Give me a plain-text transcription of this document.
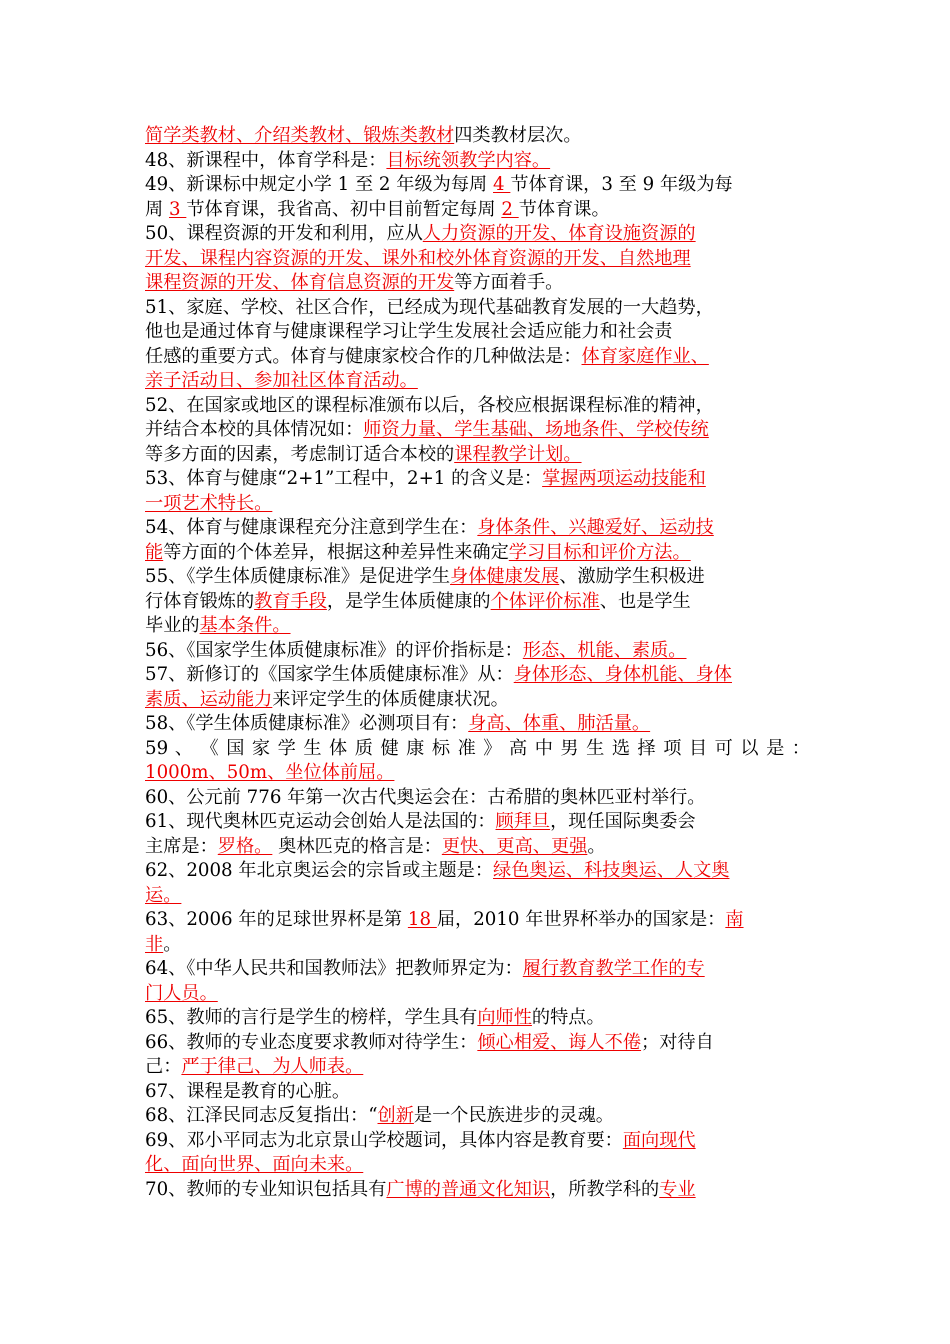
简学类教材、介绍类教材、锻炼类教材四类教材层次。
48、新课程中，体育学科是：目标统领教学内容。
49、新课标中规定小学 1 至 2 年级为每周 4 节体育课，3 至 9 年级为每
周 3 节体育课，我省高、初中目前暂定每周 2 节体育课。
50、课程资源的开发和利用，应从人力资源的开发、体育设施资源的
开发、课程内容资源的开发、课外和校外体育资源的开发、自然地理
课程资源的开发、体育信息资源的开发等方面着手。
51、家庭、学校、社区合作，已经成为现代基础教育发展的一大趋势，
他也是通过体育与健康课程学习让学生发展社会适应能力和社会责
任感的重要方式。体育与健康家校合作的几种做法是：体育家庭作业、
亲子活动日、参加社区体育活动。
52、在国家或地区的课程标准颁布以后，各校应根据课程标准的精神，
并结合本校的具体情况如：师资力量、学生基础、场地条件、学校传统
等多方面的因素，考虑制订适合本校的课程教学计划。
53、体育与健康“2+1”工程中，2+1 的含义是：掌握两项运动技能和
一项艺术特长。
54、体育与健康课程充分注意到学生在：身体条件、兴趣爱好、运动技
能等方面的个体差异，根据这种差异性来确定学习目标和评价方法。
55、《学生体质健康标准》是促进学生身体健康发展、激励学生积极进
行体育锻炼的教育手段，是学生体质健康的个体评价标准、也是学生
毕业的基本条件。
56、《国家学生体质健康标准》的评价指标是：形态、机能、素质。
57、新修订的《国家学生体质健康标准》从：身体形态、身体机能、身体
素质、运动能力来评定学生的体质健康状况。
58、《学生体质健康标准》必测项目有：身高、体重、肺活量。
59 、 《 国 家 学 生 体 质 健 康 标 准 》 高 中 男 生 选 择 项 目 可 以 是 ：
1000m、50m、坐位体前屈。
60、公元前 776 年第一次古代奥运会在：古希腊的奥林匹亚村举行。
61、现代奥林匹克运动会创始人是法国的：顾拜旦，现任国际奥委会
主席是：罗格。 奥林匹克的格言是：更快、更高、更强。
62、2008 年北京奥运会的宗旨或主题是：绿色奥运、科技奥运、人文奥
运。
63、2006 年的足球世界杯是第 18 届，2010 年世界杯举办的国家是：南
非。
64、《中华人民共和国教师法》把教师界定为：履行教育教学工作的专
门人员。
65、教师的言行是学生的榜样，学生具有向师性的特点。
66、教师的专业态度要求教师对待学生：倾心相爱、诲人不倦；对待自
己：严于律己、为人师表。
67、课程是教育的心脏。
68、江泽民同志反复指出：“创新是一个民族进步的灵魂。
69、邓小平同志为北京景山学校题词，具体内容是教育要：面向现代
化、面向世界、面向未来。
70、教师的专业知识包括具有广博的普通文化知识，所教学科的专业
